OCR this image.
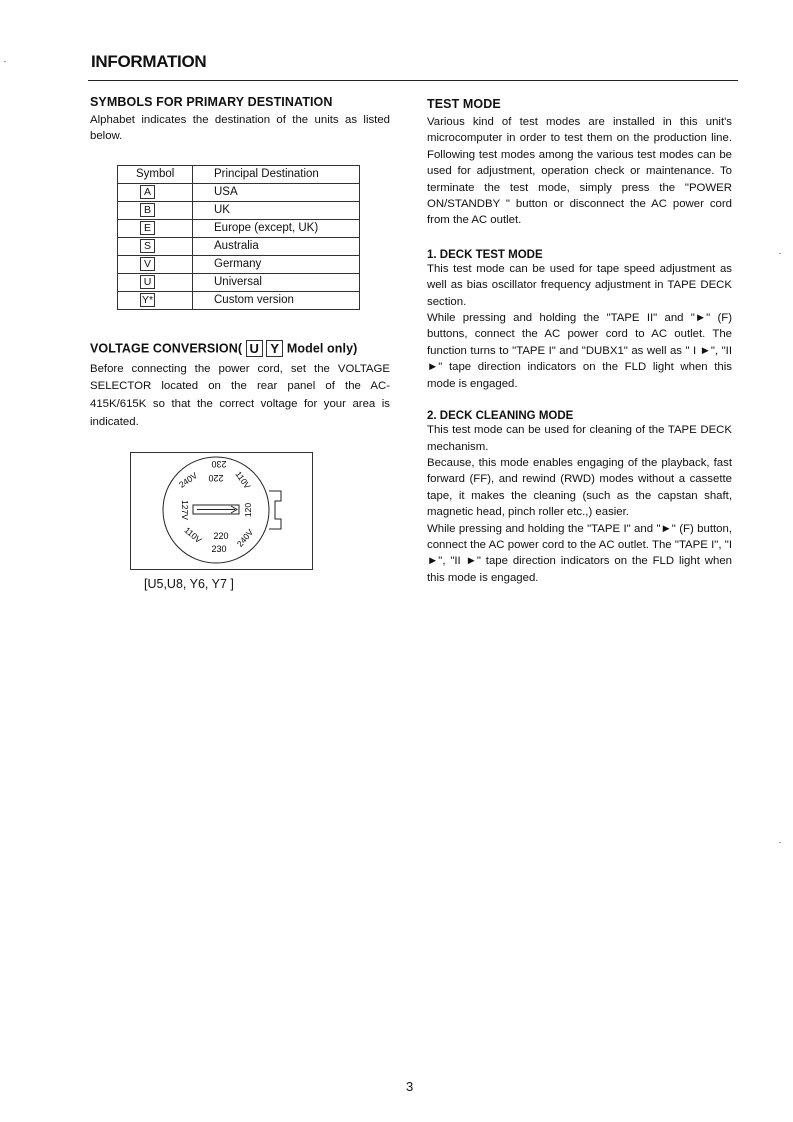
INFORMATION
SYMBOLS FOR PRIMARY DESTINATION

Alphabet indicates the destination of the units as listed below.

Symbol	Principal Destination
A	USA
B	UK
E	Europe (except, UK)
S	Australia
V	Germany
U	Universal
Y*	Custom version
VOLTAGE CONVERSION( U Y Model only)

Before connecting the power cord, set the VOLTAGE SELECTOR located on the rear panel of the AC-415K/615K so that the correct voltage for your area is indicated.

230
220
240V	110V
127V	120
110V 220
230
240V
[U5,U8, Y6, Y7 ]
TEST MODE

Various kind of test modes are installed in this unit's microcomputer in order to test them on the production line. Following test modes among the various test modes can be used for adjustment, operation check or maintenance. To terminate the test mode, simply press the "POWER ON/STANDBY " button or disconnect the AC power cord from the AC outlet.

1. DECK TEST MODE

This test mode can be used for tape speed adjustment as well as bias oscillator frequency adjustment in TAPE DECK section.

While pressing and holding the "TAPE II" and "►" (F) buttons, connect the AC power cord to AC outlet. The function turns to "TAPE I" and "DUBX1" as well as " I ►", "II ►" tape direction indicators on the FLD light when this mode is engaged.

2. DECK CLEANING MODE

This test mode can be used for cleaning of the TAPE DECK mechanism.

Because, this mode enables engaging of the playback, fast forward (FF), and rewind (RWD) modes without a cassette tape, it makes the cleaning (such as the capstan shaft, magnetic head, pinch roller etc.,) easier.

While pressing and holding the "TAPE I" and "►" (F) button, connect the AC power cord to the AC outlet. The "TAPE I", "I ►", "II ►" tape direction indicators on the FLD light when this mode is engaged.

3
